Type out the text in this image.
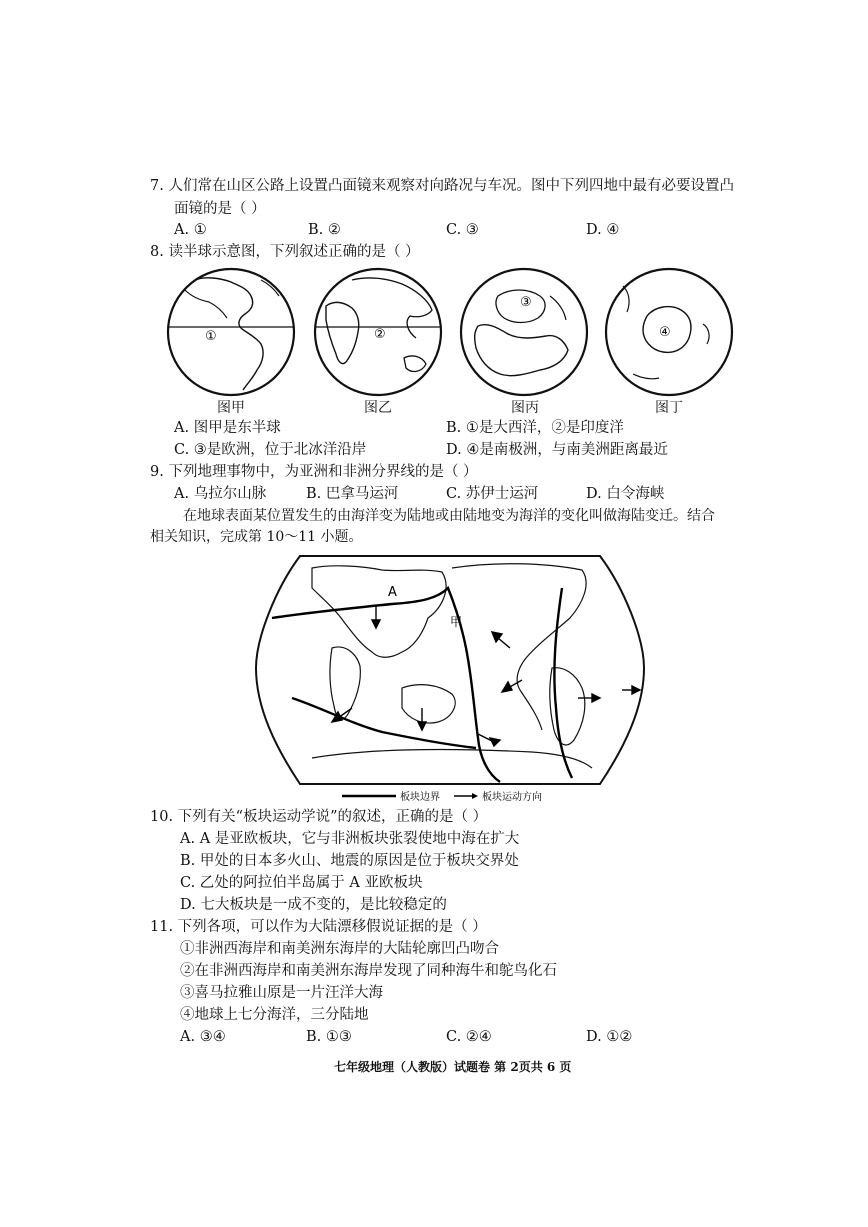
7. 人们常在山区公路上设置凸面镜来观察对向路况与车况。图中下列四地中最有必要设置凸
面镜的是（ ）
A. ①	B. ②	C. ③	D. ④
8. 读半球示意图，下列叙述正确的是（ ）
①
图甲
②
图乙
③
图丙
④
图丁
A. 图甲是东半球	B. ①是大西洋，②是印度洋
C. ③是欧洲，位于北冰洋沿岸	D. ④是南极洲，与南美洲距离最近
9. 下列地理事物中，为亚洲和非洲分界线的是（ ）
A. 乌拉尔山脉	B. 巴拿马运河	C. 苏伊士运河	D. 白令海峡
在地球表面某位置发生的由海洋变为陆地或由陆地变为海洋的变化叫做海陆变迁。结合
相关知识，完成第 10～11 小题。
A
甲
板块边界	板块运动方向
10. 下列有关“板块运动学说”的叙述，正确的是（ ）
A. A 是亚欧板块，它与非洲板块张裂使地中海在扩大
B. 甲处的日本多火山、地震的原因是位于板块交界处
C. 乙处的阿拉伯半岛属于 A 亚欧板块
D. 七大板块是一成不变的，是比较稳定的
11. 下列各项，可以作为大陆漂移假说证据的是（ ）
①非洲西海岸和南美洲东海岸的大陆轮廓凹凸吻合
②在非洲西海岸和南美洲东海岸发现了同种海牛和鸵鸟化石
③喜马拉雅山原是一片汪洋大海
④地球上七分海洋，三分陆地
A. ③④	B. ①③	C. ②④	D. ①②
七年级地理（人教版）试题卷 第 2页共 6 页
